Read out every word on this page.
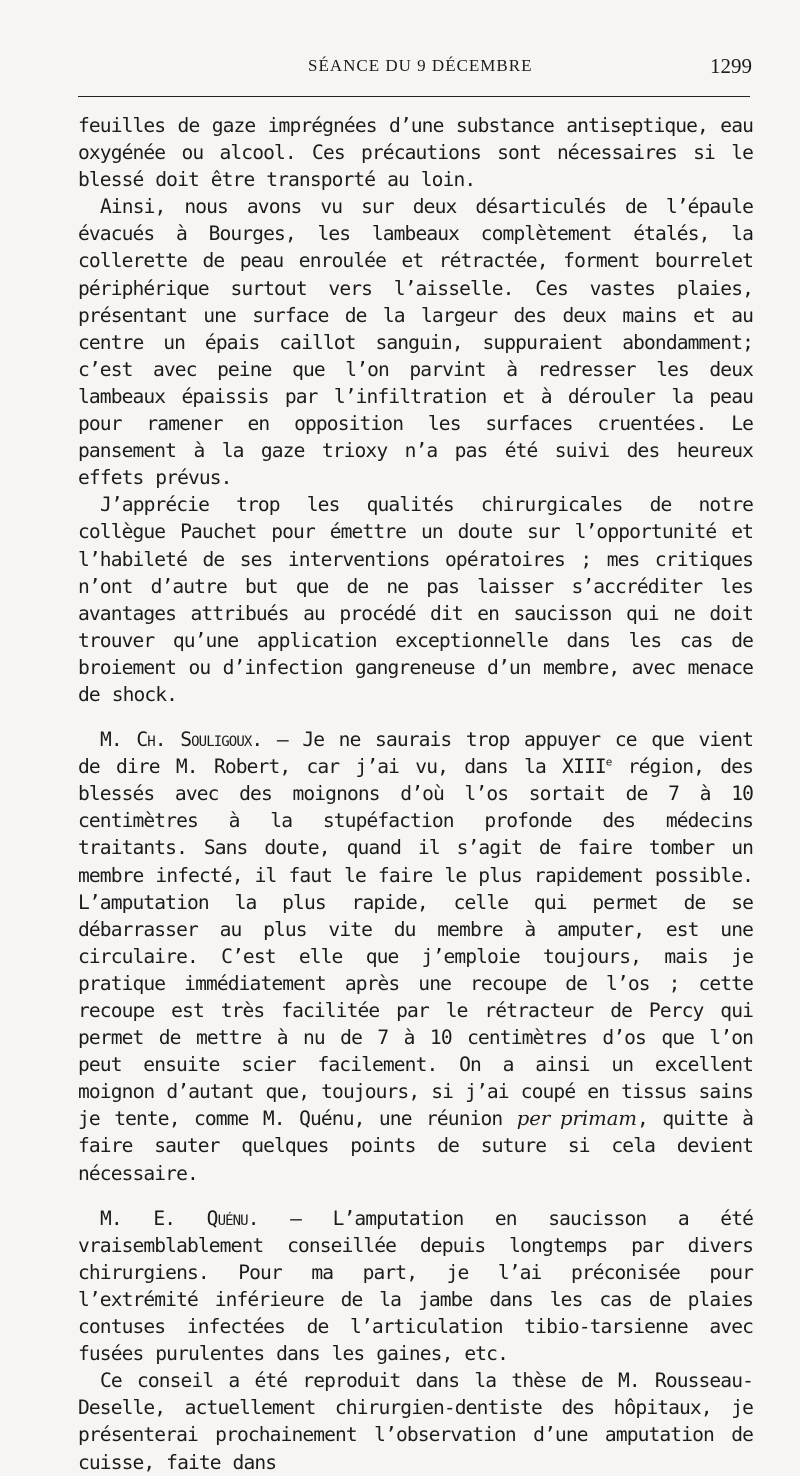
SÉANCE DU 9 DÉCEMBRE	1299

feuilles de gaze imprégnées d’une substance antiseptique, eau oxygénée ou alcool. Ces précautions sont nécessaires si le blessé doit être transporté au loin.

Ainsi, nous avons vu sur deux désarticulés de l’épaule évacués à Bourges, les lambeaux complètement étalés, la collerette de peau enroulée et rétractée, forment bourrelet périphérique surtout vers l’aisselle. Ces vastes plaies, présentant une surface de la largeur des deux mains et au centre un épais caillot sanguin, suppuraient abondamment; c’est avec peine que l’on parvint à redresser les deux lambeaux épaissis par l’infiltration et à dérouler la peau pour ramener en opposition les surfaces cruentées. Le pansement à la gaze trioxy n’a pas été suivi des heureux effets prévus.

J’apprécie trop les qualités chirurgicales de notre collègue Pauchet pour émettre un doute sur l’opportunité et l’habileté de ses interventions opératoires ; mes critiques n’ont d’autre but que de ne pas laisser s’accréditer les avantages attribués au procédé dit en saucisson qui ne doit trouver qu’une application exceptionnelle dans les cas de broiement ou d’infection gangreneuse d’un membre, avec menace de shock.

M. Ch. Souligoux. — Je ne saurais trop appuyer ce que vient de dire M. Robert, car j’ai vu, dans la XIIIe région, des blessés avec des moignons d’où l’os sortait de 7 à 10 centimètres à la stupéfaction profonde des médecins traitants. Sans doute, quand il s’agit de faire tomber un membre infecté, il faut le faire le plus rapidement possible. L’amputation la plus rapide, celle qui permet de se débarrasser au plus vite du membre à amputer, est une circulaire. C’est elle que j’emploie toujours, mais je pratique immédiatement après une recoupe de l’os ; cette recoupe est très facilitée par le rétracteur de Percy qui permet de mettre à nu de 7 à 10 centimètres d’os que l’on peut ensuite scier facilement. On a ainsi un excellent moignon d’autant que, toujours, si j’ai coupé en tissus sains je tente, comme M. Quénu, une réunion per primam, quitte à faire sauter quelques points de suture si cela devient nécessaire.

M. E. Quénu. — L’amputation en saucisson a été vraisemblablement conseillée depuis longtemps par divers chirurgiens. Pour ma part, je l’ai préconisée pour l’extrémité inférieure de la jambe dans les cas de plaies contuses infectées de l’articulation tibio-tarsienne avec fusées purulentes dans les gaines, etc.

Ce conseil a été reproduit dans la thèse de M. Rousseau-Deselle, actuellement chirurgien-dentiste des hôpitaux, je présenterai prochainement l’observation d’une amputation de cuisse, faite dans
